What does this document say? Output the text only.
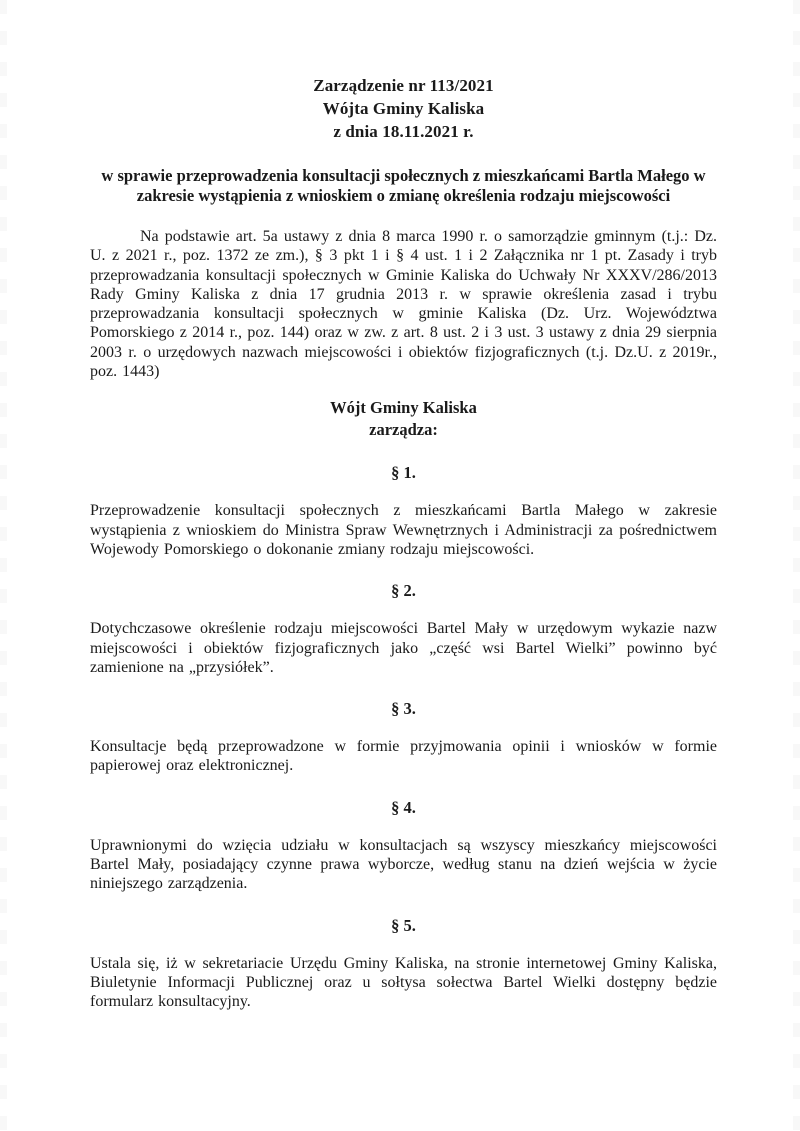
Zarządzenie nr 113/2021
Wójta Gminy Kaliska
z dnia 18.11.2021 r.
w sprawie przeprowadzenia konsultacji społecznych z mieszkańcami Bartla Małego w zakresie wystąpienia z wnioskiem o zmianę określenia rodzaju miejscowości

Na podstawie art. 5a ustawy z dnia 8 marca 1990 r. o samorządzie gminnym (t.j.: Dz. U. z 2021 r., poz. 1372 ze zm.), § 3 pkt 1 i § 4 ust. 1 i 2 Załącznika nr 1 pt. Zasady i tryb przeprowadzania konsultacji społecznych w Gminie Kaliska do Uchwały Nr XXXV/286/2013 Rady Gminy Kaliska z dnia 17 grudnia 2013 r. w sprawie określenia zasad i trybu przeprowadzania konsultacji społecznych w gminie Kaliska (Dz. Urz. Województwa Pomorskiego z 2014 r., poz. 144) oraz w zw. z art. 8 ust. 2 i 3 ust. 3 ustawy z dnia 29 sierpnia 2003 r. o urzędowych nazwach miejscowości i obiektów fizjograficznych (t.j. Dz.U. z 2019r., poz. 1443)

Wójt Gminy Kaliska
zarządza:
§ 1.

Przeprowadzenie konsultacji społecznych z mieszkańcami Bartla Małego w zakresie wystąpienia z wnioskiem do Ministra Spraw Wewnętrznych i Administracji za pośrednictwem Wojewody Pomorskiego o dokonanie zmiany rodzaju miejscowości.

§ 2.

Dotychczasowe określenie rodzaju miejscowości Bartel Mały w urzędowym wykazie nazw miejscowości i obiektów fizjograficznych jako „część wsi Bartel Wielki” powinno być zamienione na „przysiółek”.

§ 3.

Konsultacje będą przeprowadzone w formie przyjmowania opinii i wniosków w formie papierowej oraz elektronicznej.

§ 4.

Uprawnionymi do wzięcia udziału w konsultacjach są wszyscy mieszkańcy miejscowości Bartel Mały, posiadający czynne prawa wyborcze, według stanu na dzień wejścia w życie niniejszego zarządzenia.

§ 5.

Ustala się, iż w sekretariacie Urzędu Gminy Kaliska, na stronie internetowej Gminy Kaliska, Biuletynie Informacji Publicznej oraz u sołtysa sołectwa Bartel Wielki dostępny będzie formularz konsultacyjny.
